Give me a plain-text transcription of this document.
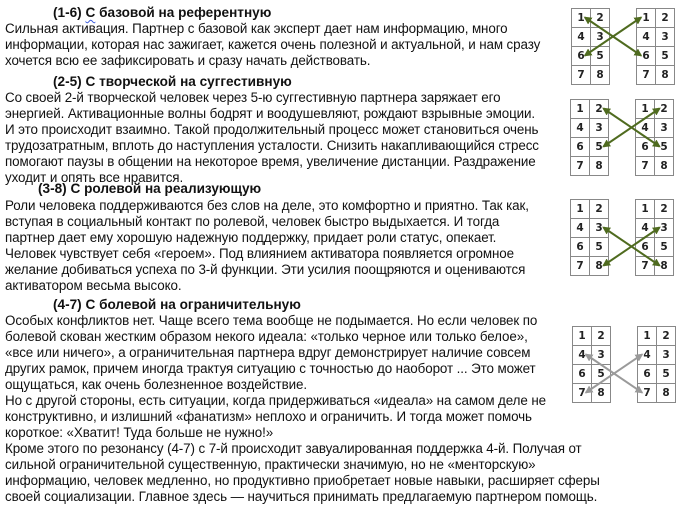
(1-6) С базовой на референтную
Сильная активация. Партнер с базовой как эксперт дает нам информацию, много
информации, которая нас зажигает, кажется очень полезной и актуальной, и нам сразу
хочется всю ее зафиксировать и сразу начать действовать.
(2-5) С творческой на суггестивную
Со своей 2-й творческой человек через 5-ю суггестивную партнера заряжает его
энергией. Активационные волны бодрят и воодушевляют, рождают взрывные эмоции.
И это происходит взаимно. Такой продолжительный процесс может становиться очень
трудозатратным, вплоть до наступления усталости. Снизить накапливающийся стресс
помогают паузы в общении на некоторое время, увеличение дистанции. Раздражение
уходит и опять все нравится.
(3-8) С ролевой на реализующую
Роли человека поддерживаются без слов на деле, это комфортно и приятно. Так как,
вступая в социальный контакт по ролевой, человек быстро выдыхается. И тогда
партнер дает ему хорошую надежную поддержку, придает роли статус, опекает.
Человек чувствует себя «героем». Под влиянием активатора появляется огромное
желание добиваться успеха по 3-й функции. Эти усилия поощряются и оцениваются
активатором весьма высоко.
(4-7) С болевой на ограничительную
Особых конфликтов нет. Чаще всего тема вообще не подымается. Но если человек по
болевой скован жестким образом некого идеала: «только черное или только белое»,
«все или ничего», а ограничительная партнера вдруг демонстрирует наличие совсем
других рамок, причем иногда трактуя ситуацию с точностью до наоборот ... Это может
ощущаться, как очень болезненное воздействие.
Но с другой стороны, есть ситуации, когда придерживаться «идеала» на самом деле не
конструктивно, и излишний «фанатизм» неплохо и ограничить. И тогда может помочь
короткое: «Хватит! Туда больше не нужно!»
Кроме этого по резонансу (4-7) с 7-й происходит завуалированная поддержка 4-й. Получая от
сильной ограничительной существенную, практически значимую, но не «менторскую»
информацию, человек медленно, но продуктивно приобретает новые навыки, расширяет сферы
своей социализации. Главное здесь — научиться принимать предлагаемую партнером помощь.
1	2
4	3
6	5
7	8
1	2
4	3
6	5
7	8
1	2
4	3
6	5
7	8
1	2
4	3
6	5
7	8
1	2
4	3
6	5
7	8
1	2
4	3
6	5
7	8
1	2
4	3
6	5
7	8
1	2
4	3
6	5
7	8
